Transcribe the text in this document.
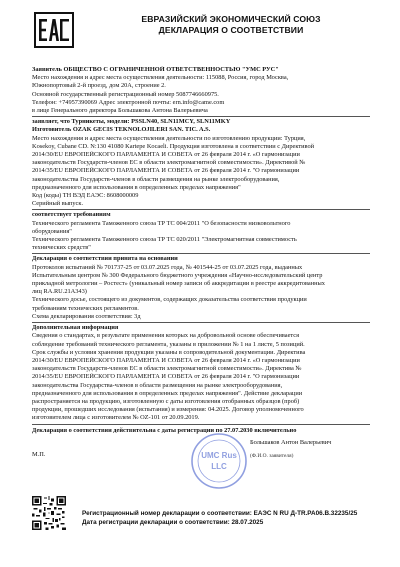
ЕВРАЗИЙСКИЙ ЭКОНОМИЧЕСКИЙ СОЮЗ
ДЕКЛАРАЦИЯ О СООТВЕТСТВИИ
Заявитель ОБЩЕСТВО С ОГРАНИЧЕННОЙ ОТВЕТСТВЕННОСТЬЮ "УМС РУС"
Место нахождения и адрес места осуществления деятельности: 115088, Россия, город Москва,
Южнопортовый 2-й проезд, дом 20А, строение 2.
Основной государственный регистрационный номер 5087746660975.
Телефон: +74957390069 Адрес электронной почты: ern.info@came.com
в лице Генерального директора Большакова Антона Валерьевича
заявляет, что Турникеты, модели: PSSLN40, SLN11MCY, SLN11MKY
Изготовитель ÖZAK GECIS TEKNOLOJILERI SAN. TIC. A.S.
Место нахождения и адрес места осуществления деятельности по изготовлению продукции: Турция,
Kosekoy, Cubane CD. N:130 41080 Kartepe Kocaeli. Продукция изготовлена в соответствии с Директивой
2014/30/EU ЕВРОПЕЙСКОГО ПАРЛАМЕНТА И СОВЕТА от 26 февраля 2014 г. «О гармонизации
законодательств Государств-членов ЕС в области электромагнитной совместимости». Директивой №
2014/35/EU ЕВРОПЕЙСКОГО ПАРЛАМЕНТА И СОВЕТА от 26 февраля 2014 г. "О гармонизации
законодательства Государств-членов в области размещения на рынке электрооборудования,
предназначенного для использования в определенных пределах напряжения"
Код (коды) ТН ВЭД ЕАЭС: 8608000009
Серийный выпуск.
соответствует требованиям
Технического регламента Таможенного союза ТР ТС 004/2011 "О безопасности низковольтного
оборудования"
Технического регламента Таможенного союза ТР ТС 020/2011 "Электромагнитная совместимость
технических средств"
Декларация о соответствии принята на основании
Протоколов испытаний № 701737-25 от 03.07.2025 года, № 401544-25 от 03.07.2025 года, выданных
Испытательным центром № 300 Федерального бюджетного учреждения «Научно-исследовательский центр
прикладной метрологии – Ростест» (уникальный номер записи об аккредитации в реестре аккредитованных
лиц RA.RU.21A343)
Технического досье, состоящего из документов, содержащих доказательства соответствия продукции
требованиям технических регламентов.
Схема декларирования соответствия: 3д
Дополнительная информация
Сведения о стандартах, в результате применения которых на добровольной основе обеспечивается
соблюдение требований технического регламента, указаны в приложении № 1 на 1 листе, 5 позиций.
Срок службы и условия хранения продукции указаны в сопроводительной документации. Директива
2014/30/EU ЕВРОПЕЙСКОГО ПАРЛАМЕНТА И СОВЕТА от 26 февраля 2014 г. «О гармонизации
законодательств Государств-членов ЕС в области электромагнитной совместимости». Директива №
2014/35/EU ЕВРОПЕЙСКОГО ПАРЛАМЕНТА И СОВЕТА от 26 февраля 2014 г. "О гармонизации
законодательства Государства-членов в области размещения на рынке электрооборудования,
предназначенного для использования в определенных пределах напряжения". Действие декларации
распространяется на продукцию, изготовленную с даты изготовления отобранных образцов (проб)
продукции, прошедших исследования (испытания) и измерения: 04.2025. Договор уполномоченного
изготовителем лица с изготовителем № OZ-101 от 20.09.2019.
Декларация о соответствии действительна с даты регистрации по 27.07.2030 включительно
М.П.
Большаков Антон Валерьевич
(Ф.И.О. заявителя)
UMC Rus
LLC
Регистрационный номер декларации о соответствии: ЕАЭС N RU Д-TR.PA06.B.32235/25
Дата регистрации декларации о соответствии: 28.07.2025
